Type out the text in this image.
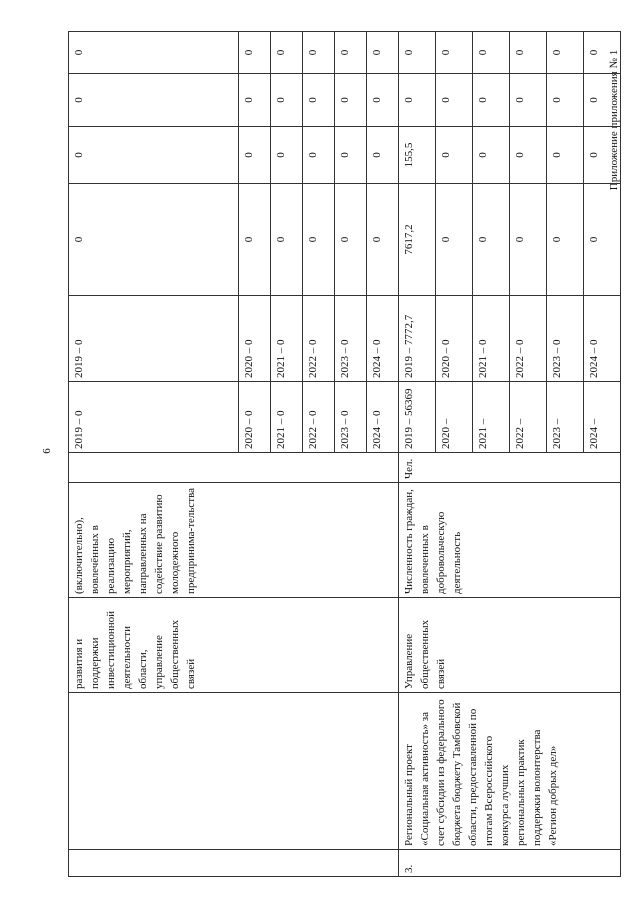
6
Приложение приложения № 1
		развития и поддержки инвестиционной деятельности области, управление общественных связей	(включительно), вовлечённых в реализацию мероприятий, направленных на содействие развитию молодежного предпринима-тельства		2019 – 0	2019 – 0	0	0	0	0
					2020 – 0	2020 – 0	0	0	0	0
					2021 – 0	2021 – 0	0	0	0	0
					2022 – 0	2022 – 0	0	0	0	0
					2023 – 0	2023 – 0	0	0	0	0
					2024 – 0	2024 – 0	0	0	0	0
3.	Региональный проект «Социальная активность» за счет субсидии из федерального бюджета бюджету Тамбовской области, предоставленной по итогам Всероссийского конкурса лучших региональных практик поддержки волонтерства «Регион добрых дел»	Управление общественных связей	Численность граждан, вовлеченных в добровольческую деятельность	Чел.	2019 – 56369	2019 – 7772,7	7617,2	155,5	0	0
					2020 –	2020 – 0	0	0	0	0
					2021 –	2021 – 0	0	0	0	0
					2022 –	2022 – 0	0	0	0	0
					2023 –	2023 – 0	0	0	0	0
					2024 –	2024 – 0	0	0	0	0
